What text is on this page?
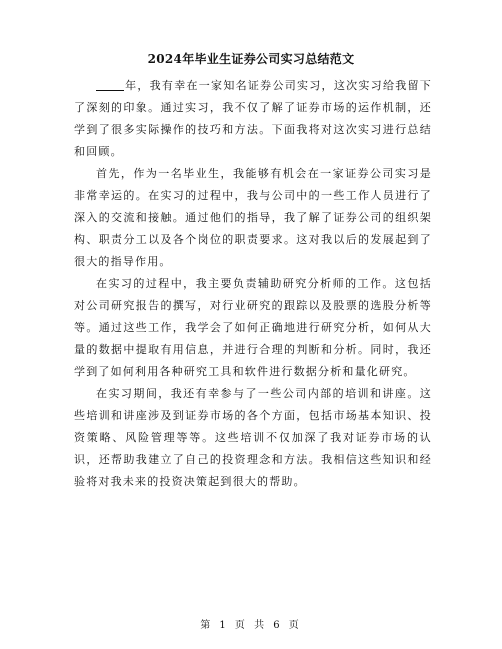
2024年毕业生证券公司实习总结范文

年，我有幸在一家知名证券公司实习，这次实习给我留下了深刻的印象。通过实习，我不仅了解了证券市场的运作机制，还学到了很多实际操作的技巧和方法。下面我将对这次实习进行总结和回顾。

首先，作为一名毕业生，我能够有机会在一家证券公司实习是非常幸运的。在实习的过程中，我与公司中的一些工作人员进行了深入的交流和接触。通过他们的指导，我了解了证券公司的组织架构、职责分工以及各个岗位的职责要求。这对我以后的发展起到了很大的指导作用。

在实习的过程中，我主要负责辅助研究分析师的工作。这包括对公司研究报告的撰写，对行业研究的跟踪以及股票的选股分析等等。通过这些工作，我学会了如何正确地进行研究分析，如何从大量的数据中提取有用信息，并进行合理的判断和分析。同时，我还学到了如何利用各种研究工具和软件进行数据分析和量化研究。

在实习期间，我还有幸参与了一些公司内部的培训和讲座。这些培训和讲座涉及到证券市场的各个方面，包括市场基本知识、投资策略、风险管理等等。这些培训不仅加深了我对证券市场的认识，还帮助我建立了自己的投资理念和方法。我相信这些知识和经验将对我未来的投资决策起到很大的帮助。

第 1 页 共 6 页
